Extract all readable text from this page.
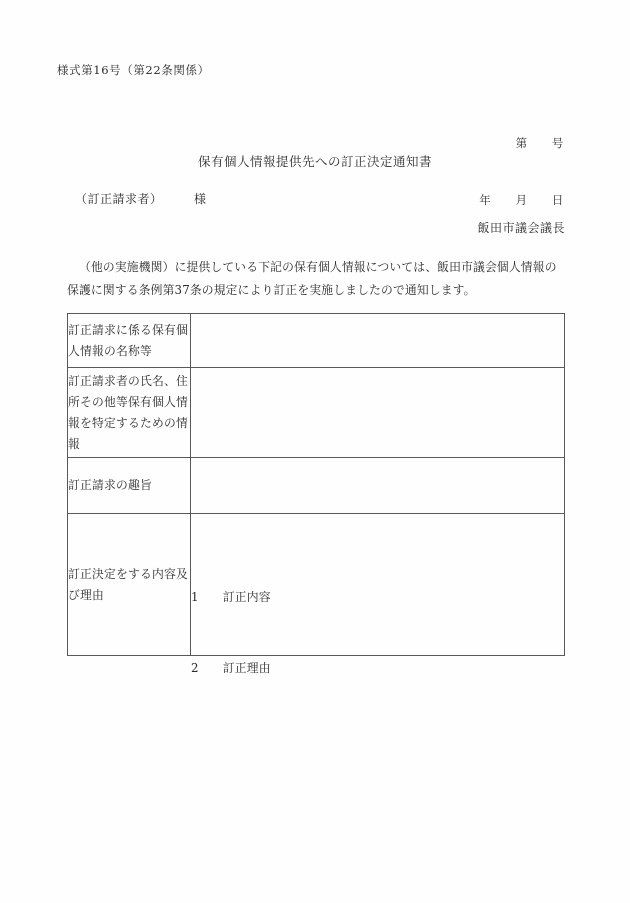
様式第16号（第22条関係）

第　　号

年　　月　　日

保有個人情報提供先への訂正決定通知書
（訂正請求者）　　　様
飯田市議会議長
（他の実施機関）に提供している下記の保有個人情報については、飯田市議会個人情報の保護に関する条例第37条の規定により訂正を実施しましたので通知します。
訂正請求に係る保有個人情報の名称等	
訂正請求者の氏名、住所その他等保有個人情報を特定するための情報	
訂正請求の趣旨	
訂正決定をする内容及び理由	1　　訂正内容
2　　訂正理由
